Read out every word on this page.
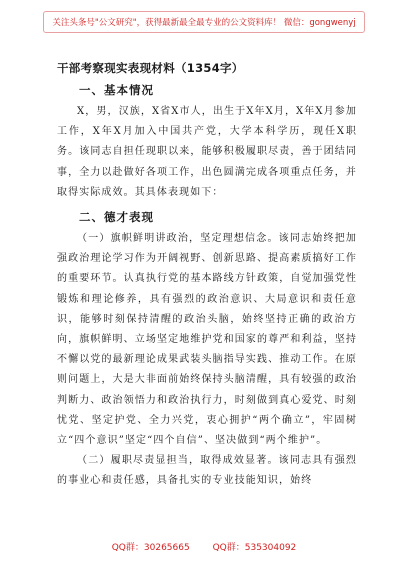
关注头条号"公文研究"，获得最新最全最专业的公文资料库！ 微信：gongwenyj
干部考察现实表现材料（1354字）
一、基本情况

X，男，汉族，X省X市人，出生于X年X月，X年X月参加工作，X年X月加入中国共产党，大学本科学历，现任X职务。该同志自担任现职以来，能够积极履职尽责，善于团结同事，全力以赴做好各项工作，出色圆满完成各项重点任务，并取得实际成效。其具体表现如下：

二、德才表现

（一）旗帜鲜明讲政治，坚定理想信念。该同志始终把加强政治理论学习作为开阔视野、创新思路、提高素质搞好工作的重要环节。认真执行党的基本路线方针政策，自觉加强党性锻炼和理论修养，具有强烈的政治意识、大局意识和责任意识，能够时刻保持清醒的政治头脑，始终坚持正确的政治方向，旗帜鲜明、立场坚定地维护党和国家的尊严和利益，坚持不懈以党的最新理论成果武装头脑指导实践、推动工作。在原则问题上，大是大非面前始终保持头脑清醒，具有较强的政治判断力、政治领悟力和政治执行力，时刻做到真心爱党、时刻忧党、坚定护党、全力兴党，衷心拥护“两个确立”，牢固树立“四个意识”坚定“四个自信”、坚决做到“两个维护”。

（二）履职尽责显担当，取得成效显著。该同志具有强烈的事业心和责任感，具备扎实的专业技能知识，始终

QQ群：30265665	QQ群：535304092
